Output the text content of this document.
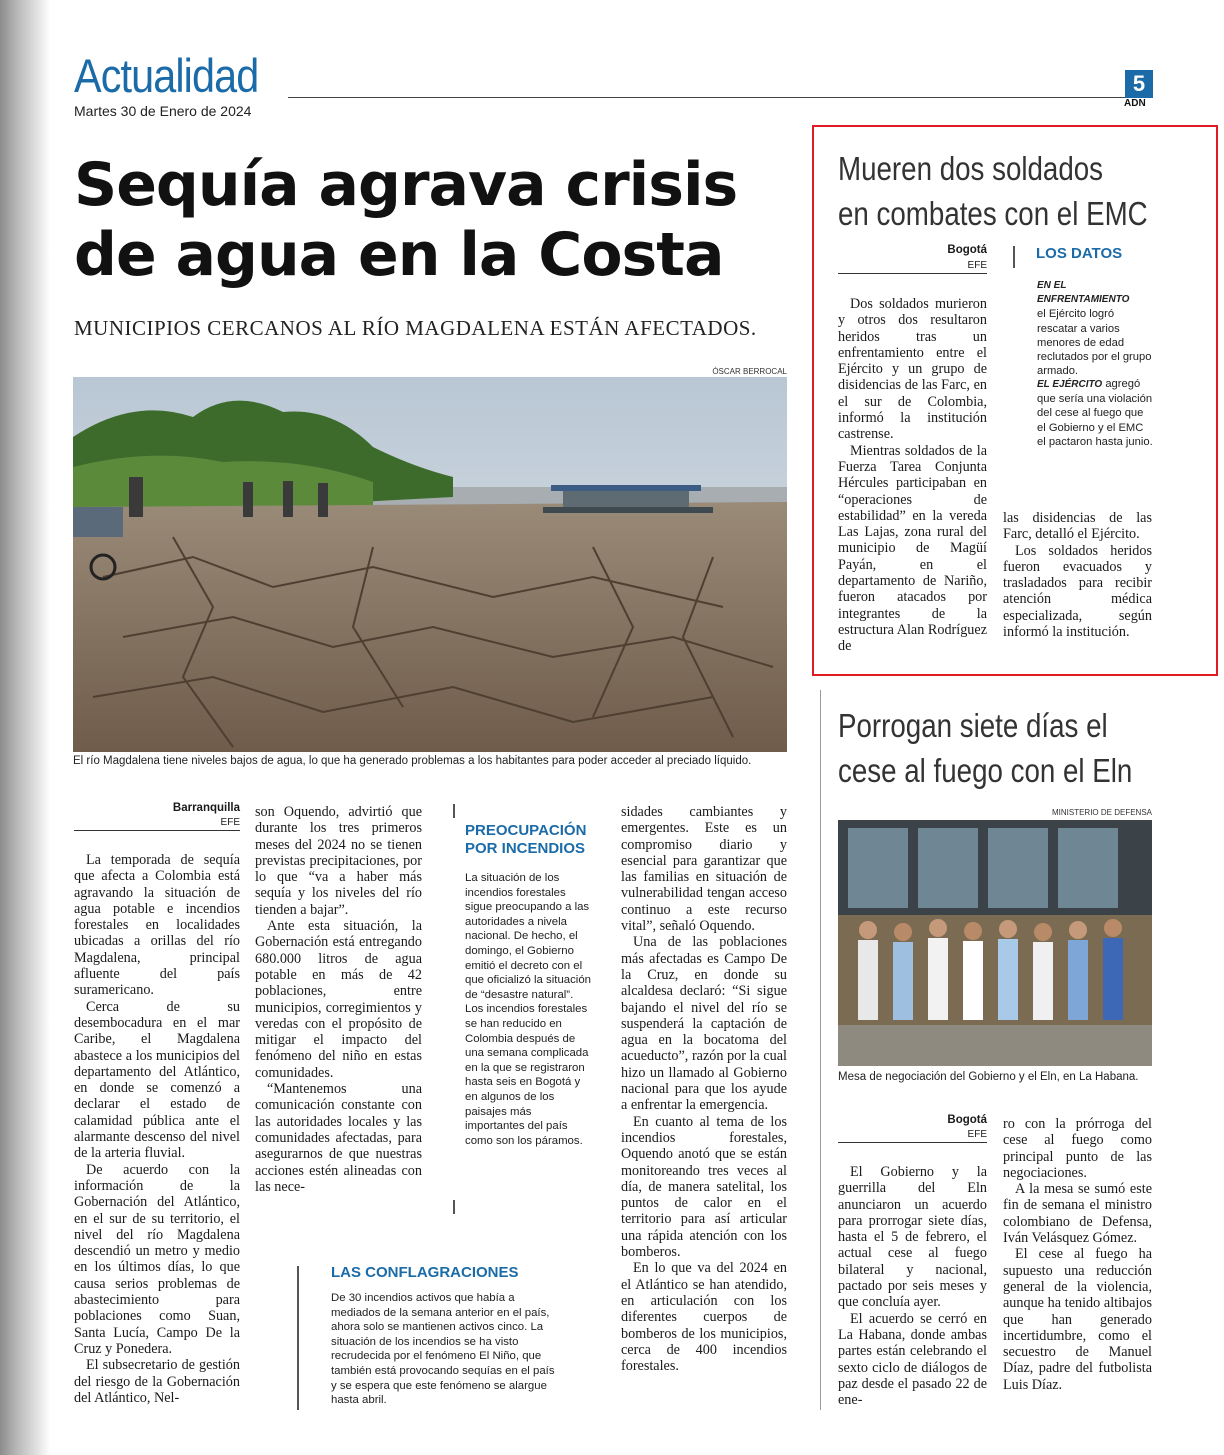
Actualidad
Martes 30 de Enero de 2024
5
ADN
Sequía agrava crisis
de agua en la Costa
MUNICIPIOS CERCANOS AL RÍO MAGDALENA ESTÁN AFECTADOS.
ÓSCAR BERROCAL
El río Magdalena tiene niveles bajos de agua, lo que ha generado problemas a los habitantes para poder acceder al preciado líquido.
Barranquilla
EFE

La temporada de sequía que afecta a Colombia está agravando la situación de agua potable e incendios forestales en localidades ubicadas a orillas del río Magdalena, principal afluente del país suramericano.

Cerca de su desembocadura en el mar Caribe, el Magdalena abastece a los municipios del departamento del Atlántico, en donde se comenzó a declarar el estado de calamidad pública ante el alarmante descenso del nivel de la arteria fluvial.

De acuerdo con la información de la Gobernación del Atlántico, en el sur de su territorio, el nivel del río Magdalena descendió un metro y medio en los últimos días, lo que causa serios problemas de abastecimiento para poblaciones como Suan, Santa Lucía, Campo De la Cruz y Ponedera.

El subsecretario de gestión del riesgo de la Gobernación del Atlántico, Nel-

son Oquendo, advirtió que durante los tres primeros meses del 2024 no se tienen previstas precipitaciones, por lo que “va a haber más sequía y los niveles del río tienden a bajar”.

Ante esta situación, la Gobernación está entregando 680.000 litros de agua potable en más de 42 poblaciones, entre municipios, corregimientos y veredas con el propósito de mitigar el impacto del fenómeno del niño en estas comunidades.

“Mantenemos una comunicación constante con las autoridades locales y las comunidades afectadas, para asegurarnos de que nuestras acciones estén alineadas con las nece-

PREOCUPACIÓN POR INCENDIOS
La situación de los incendios forestales sigue preocupando a las autoridades a nivela nacional. De hecho, el domingo, el Gobierno emitió el decreto con el que oficializó la situación de “desastre natural”. Los incendios forestales se han reducido en Colombia después de una semana complicada en la que se registraron hasta seis en Bogotá y en algunos de los paisajes más importantes del país como son los páramos.
LAS CONFLAGRACIONES
De 30 incendios activos que había a mediados de la semana anterior en el país, ahora solo se mantienen activos cinco. La situación de los incendios se ha visto recrudecida por el fenómeno El Niño, que también está provocando sequías en el país y se espera que este fenómeno se alargue hasta abril.

sidades cambiantes y emergentes. Este es un compromiso diario y esencial para garantizar que las familias en situación de vulnerabilidad tengan acceso continuo a este recurso vital”, señaló Oquendo.

Una de las poblaciones más afectadas es Campo De la Cruz, en donde su alcaldesa declaró: “Si sigue bajando el nivel del río se suspenderá la captación de agua en la bocatoma del acueducto”, razón por la cual hizo un llamado al Gobierno nacional para que los ayude a enfrentar la emergencia.

En cuanto al tema de los incendios forestales, Oquendo anotó que se están monitoreando tres veces al día, de manera satelital, los puntos de calor en el territorio para así articular una rápida atención con los bomberos.

En lo que va del 2024 en el Atlántico se han atendido, en articulación con los diferentes cuerpos de bomberos de los municipios, cerca de 400 incendios forestales.

Mueren dos soldados
en combates con el EMC
Bogotá
EFE

Dos soldados murieron y otros dos resultaron heridos tras un enfrentamiento entre el Ejército y un grupo de disidencias de las Farc, en el sur de Colombia, informó la institución castrense.

Mientras soldados de la Fuerza Tarea Conjunta Hércules participaban en “operaciones de estabilidad” en la vereda Las Lajas, zona rural del municipio de Magüí Payán, en el departamento de Nariño, fueron atacados por integrantes de la estructura Alan Rodríguez de

las disidencias de las Farc, detalló el Ejército.

Los soldados heridos fueron evacuados y trasladados para recibir atención médica especializada, según informó la institución.

LOS DATOS
EN EL ENFRENTAMIENTO
el Ejército logró rescatar a varios menores de edad reclutados por el grupo armado.
EL EJÉRCITO agregó que sería una violación del cese al fuego que el Gobierno y el EMC el pactaron hasta junio.
Porrogan siete días el
cese al fuego con el Eln
MINISTERIO DE DEFENSA
Mesa de negociación del Gobierno y el Eln, en La Habana.
Bogotá
EFE

El Gobierno y la guerrilla del Eln anunciaron un acuerdo para prorrogar siete días, hasta el 5 de febrero, el actual cese al fuego bilateral y nacional, pactado por seis meses y que concluía ayer.

El acuerdo se cerró en La Habana, donde ambas partes están celebrando el sexto ciclo de diálogos de paz desde el pasado 22 de ene-

ro con la prórroga del cese al fuego como principal punto de las negociaciones.

A la mesa se sumó este fin de semana el ministro colombiano de Defensa, Iván Velásquez Gómez.

El cese al fuego ha supuesto una reducción general de la violencia, aunque ha tenido altibajos que han generado incertidumbre, como el secuestro de Manuel Díaz, padre del futbolista Luis Díaz.
